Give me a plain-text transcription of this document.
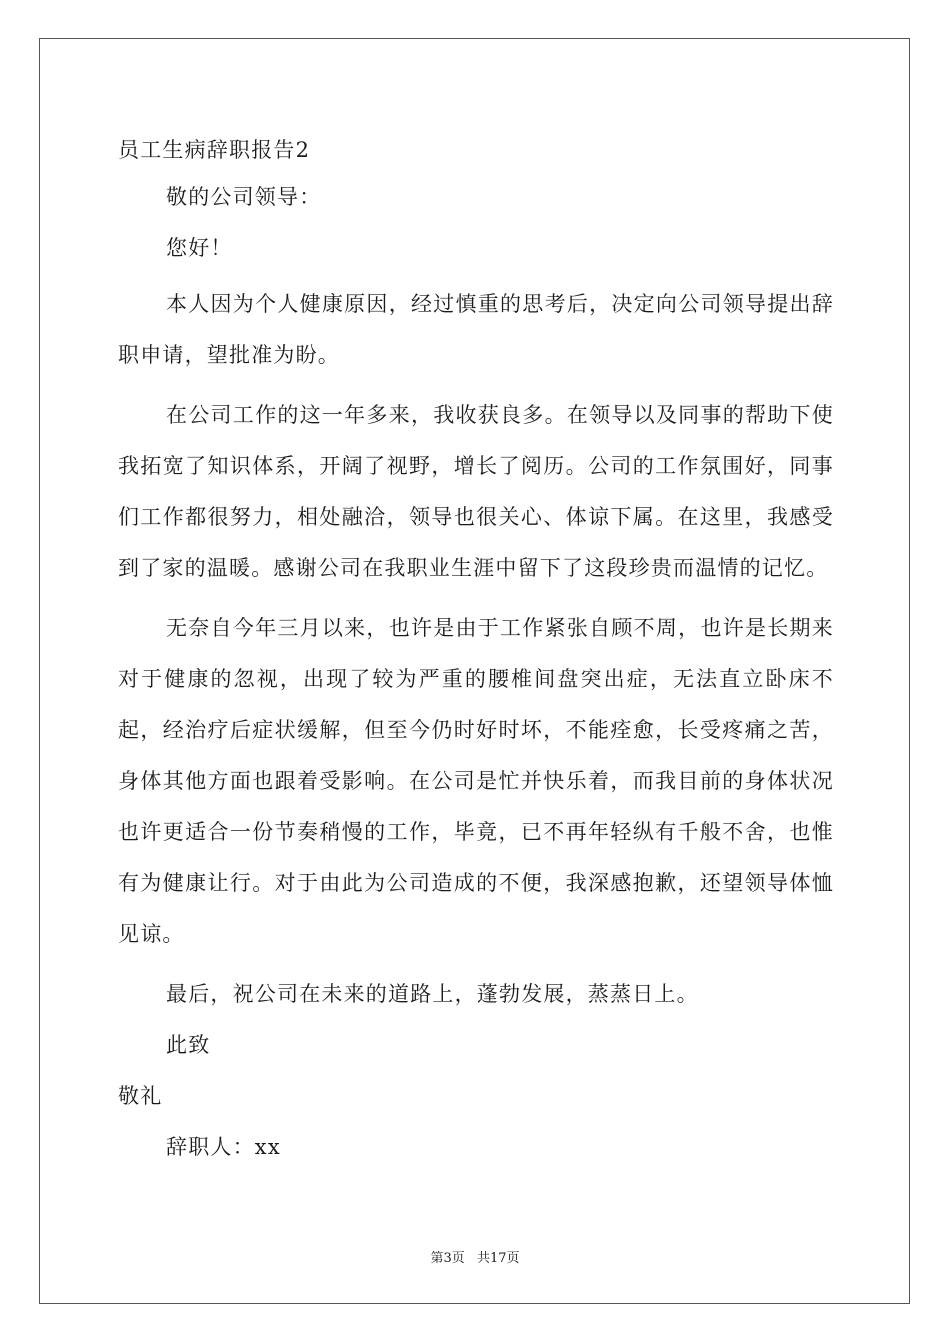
员工生病辞职报告2
敬的公司领导：
您好！

本人因为个人健康原因，经过慎重的思考后，决定向公司领导提出辞职申请，望批准为盼。

在公司工作的这一年多来，我收获良多。在领导以及同事的帮助下使我拓宽了知识体系，开阔了视野，增长了阅历。公司的工作氛围好，同事们工作都很努力，相处融洽，领导也很关心、体谅下属。在这里，我感受到了家的温暖。感谢公司在我职业生涯中留下了这段珍贵而温情的记忆。

无奈自今年三月以来，也许是由于工作紧张自顾不周，也许是长期来对于健康的忽视，出现了较为严重的腰椎间盘突出症，无法直立卧床不起，经治疗后症状缓解，但至今仍时好时坏，不能痊愈，长受疼痛之苦，身体其他方面也跟着受影响。在公司是忙并快乐着，而我目前的身体状况也许更适合一份节奏稍慢的工作，毕竟，已不再年轻纵有千般不舍，也惟有为健康让行。对于由此为公司造成的不便，我深感抱歉，还望领导体恤见谅。

最后，祝公司在未来的道路上，蓬勃发展，蒸蒸日上。
此致
敬礼
辞职人：xx
第3页 共17页
